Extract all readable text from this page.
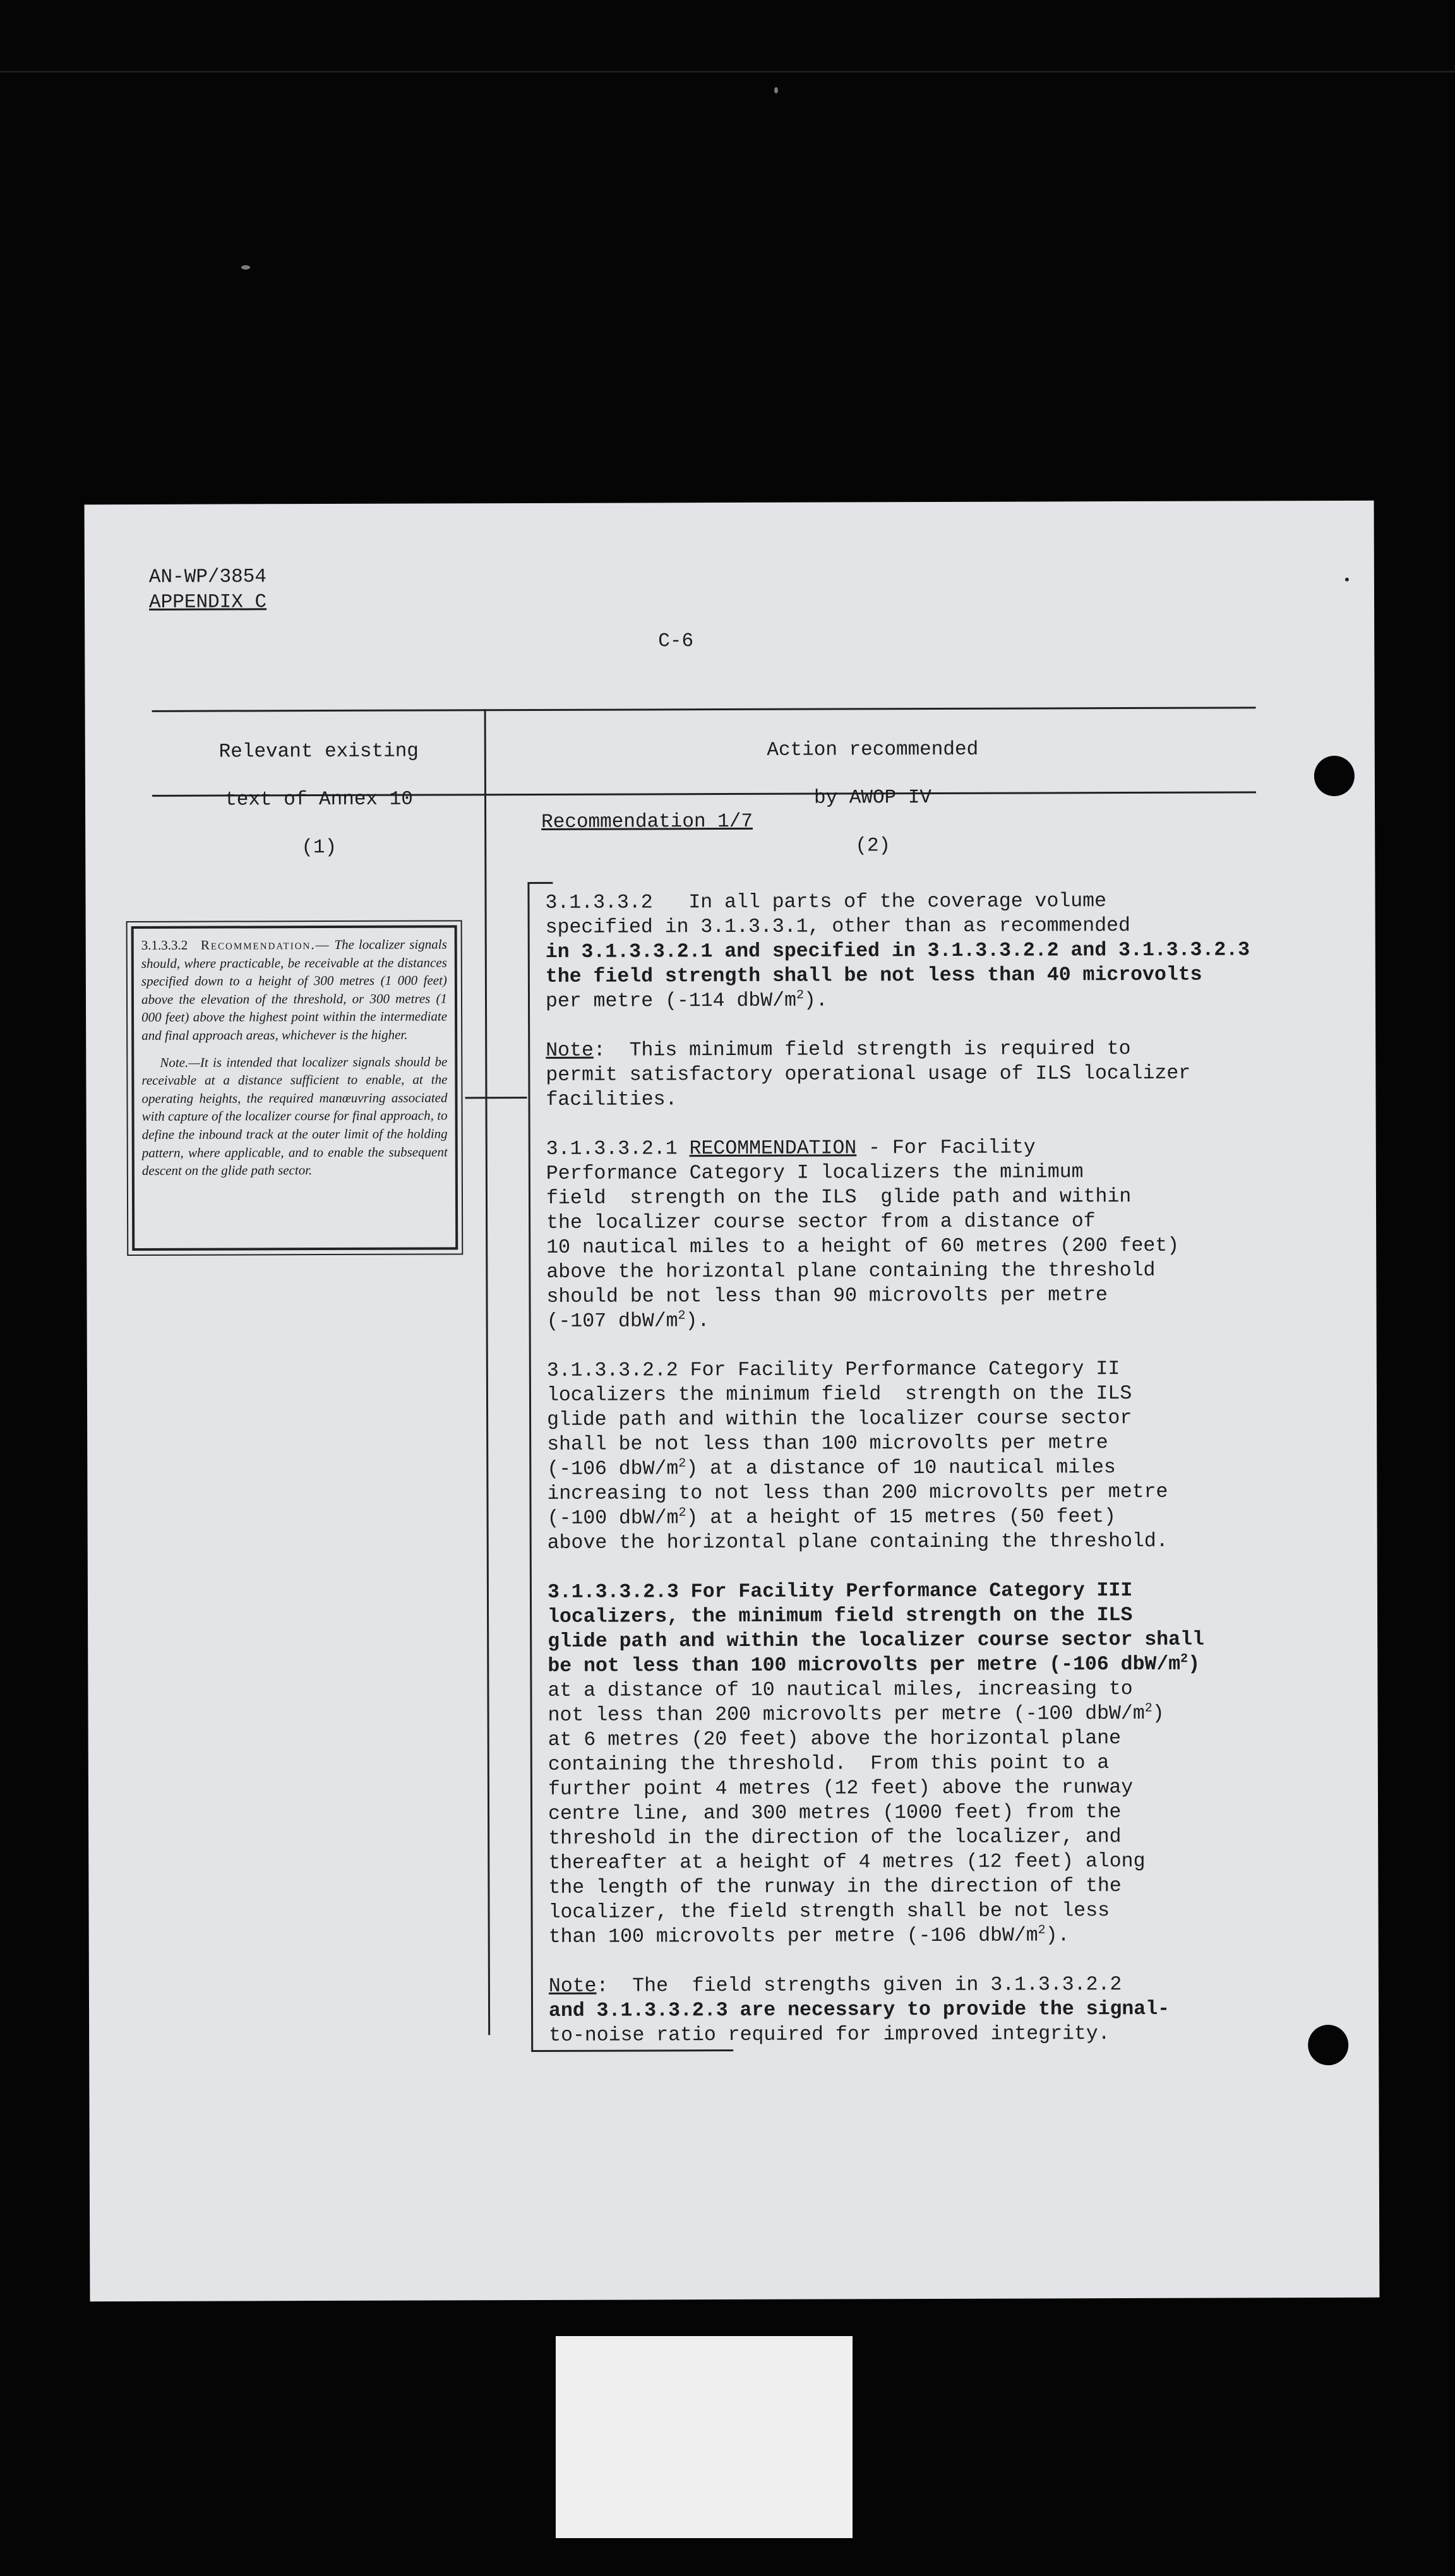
AN-WP/3854
APPENDIX C
C-6

Relevant existing

text of Annex 10

(1)

Action recommended

by AWOP IV

(2)

Recommendation 1/7

3.1.3.3.2 Recommendation.— The localizer signals should, where practicable, be receivable at the distances specified down to a height of 300 metres (1 000 feet) above the elevation of the threshold, or 300 metres (1 000 feet) above the highest point within the intermediate and final approach areas, whichever is the higher.

Note.—It is intended that localizer signals should be receivable at a distance sufficient to enable, at the operating heights, the required manœuvring associated with capture of the localizer course for final approach, to define the inbound track at the outer limit of the holding pattern, where applicable, and to enable the subsequent descent on the glide path sector.

3.1.3.3.2   In all parts of the coverage volume
specified in 3.1.3.3.1, other than as recommended
in 3.1.3.3.2.1 and specified in 3.1.3.3.2.2 and 3.1.3.3.2.3
the field strength shall be not less than 40 microvolts
per metre (-114 dbW/$m^2$).
Note:  This minimum field strength is required to
permit satisfactory operational usage of ILS localizer
facilities.
3.1.3.3.2.1 RECOMMENDATION - For Facility
Performance Category I localizers the minimum
field  strength on the ILS  glide path and within
the localizer course sector from a distance of
10 nautical miles to a height of 60 metres (200 feet)
above the horizontal plane containing the threshold
should be not less than 90 microvolts per metre
(-107 dbW/$m^2$).
3.1.3.3.2.2 For Facility Performance Category II
localizers the minimum field  strength on the ILS
glide path and within the localizer course sector
shall be not less than 100 microvolts per metre
(-106 dbW/$m^2$) at a distance of 10 nautical miles
increasing to not less than 200 microvolts per metre
(-100 dbW/$m^2$) at a height of 15 metres (50 feet)
above the horizontal plane containing the threshold.
3.1.3.3.2.3 For Facility Performance Category III
localizers, the minimum field strength on the ILS
glide path and within the localizer course sector shall
be not less than 100 microvolts per metre (-106 dbW/$m^2$)
at a distance of 10 nautical miles, increasing to
not less than 200 microvolts per metre (-100 dbW/$m^2$)
at 6 metres (20 feet) above the horizontal plane
containing the threshold.  From this point to a
further point 4 metres (12 feet) above the runway
centre line, and 300 metres (1000 feet) from the
threshold in the direction of the localizer, and
thereafter at a height of 4 metres (12 feet) along
the length of the runway in the direction of the
localizer, the field strength shall be not less
than 100 microvolts per metre (-106 dbW/$m^2$).
Note:  The  field strengths given in 3.1.3.3.2.2
and 3.1.3.3.2.3 are necessary to provide the signal-
to-noise ratio required for improved integrity.
